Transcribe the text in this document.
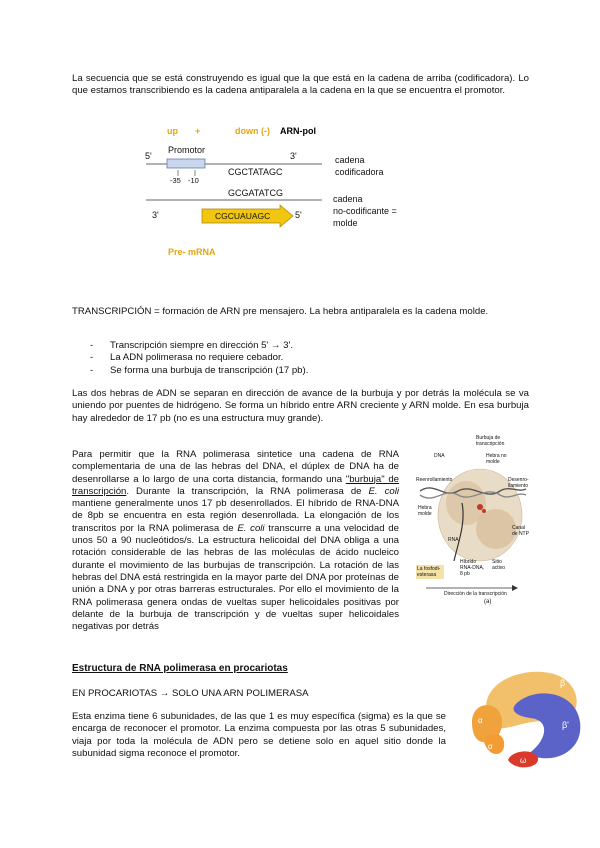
La secuencia que se está construyendo es igual que la que está en la cadena de arriba (codificadora). Lo que estamos transcribiendo es la cadena antiparalela a la cadena en la que se encuentra el promotor.
up +	down (-) ARN-pol
Promotor
5'	3'
-35 -10
CGCTATAGC
cadena
codificadora
GCGATATCG
3'	CGCUAUAGC	5'
cadena
no-codificante =
molde
Pre- mRNA
TRANSCRIPCIÓN = formación de ARN pre mensajero. La hebra antiparalela es la cadena molde.
- Transcripción siempre en dirección 5' → 3'.
- La ADN polimerasa no requiere cebador.
- Se forma una burbuja de transcripción (17 pb).
Las dos hebras de ADN se separan en dirección de avance de la burbuja y por detrás la molécula se va uniendo por puentes de hidrógeno. Se forma un híbrido entre ARN creciente y ARN molde. En esa burbuja hay alrededor de 17 pb (no es una estructura muy grande).
Para permitir que la RNA polimerasa sintetice una cadena de RNA complementaria de una de las hebras del DNA, el dúplex de DNA ha de desenrollarse a lo largo de una corta distancia, formando una "burbuja" de transcripción. Durante la transcripción, la RNA polimerasa de E. coli mantiene generalmente unos 17 pb desenrollados. El híbrido de RNA-DNA de 8pb se encuentra en esta región desenrollada. La elongación de los transcritos por la RNA polimerasa de E. coli transcurre a una velocidad de unos 50 a 90 nucleótidos/s. La estructura helicoidal del DNA obliga a una rotación considerable de las hebras de las moléculas de ácido nucleico durante el movimiento de las burbujas de transcripción. La rotación de las hebras del DNA está restringida en la mayor parte del DNA por proteínas de unión a DNA y por otras barreras estructurales. Por ello el movimiento de la RNA polimerasa genera ondas de vueltas super helicoidales positivas por delante de la burbuja de transcripción y de vueltas super helicoidales negativas por detrás
Burbuja de transcripción
DNA	Hebra no molde
Reenrollamiento	Desenro-llamiento
Hebra molde
Canal de NTP
RNA
Híbrido RNA-DNA, 8 pb
Sitio activo
La fosfodi-esterasa
Dirección de la transcripción
(a)
Estructura de RNA polimerasa en procariotas
EN PROCARIOTAS → SOLO UNA ARN POLIMERASA
Esta enzima tiene 6 subunidades, de las que 1 es muy específica (sigma) es la que se encarga de reconocer el promotor. La enzima compuesta por las otras 5 subunidades, viaja por toda la molécula de ADN pero se detiene solo en aquel sitio donde la subunidad sigma reconoce el promotor.
β
β'
α
α
ω
